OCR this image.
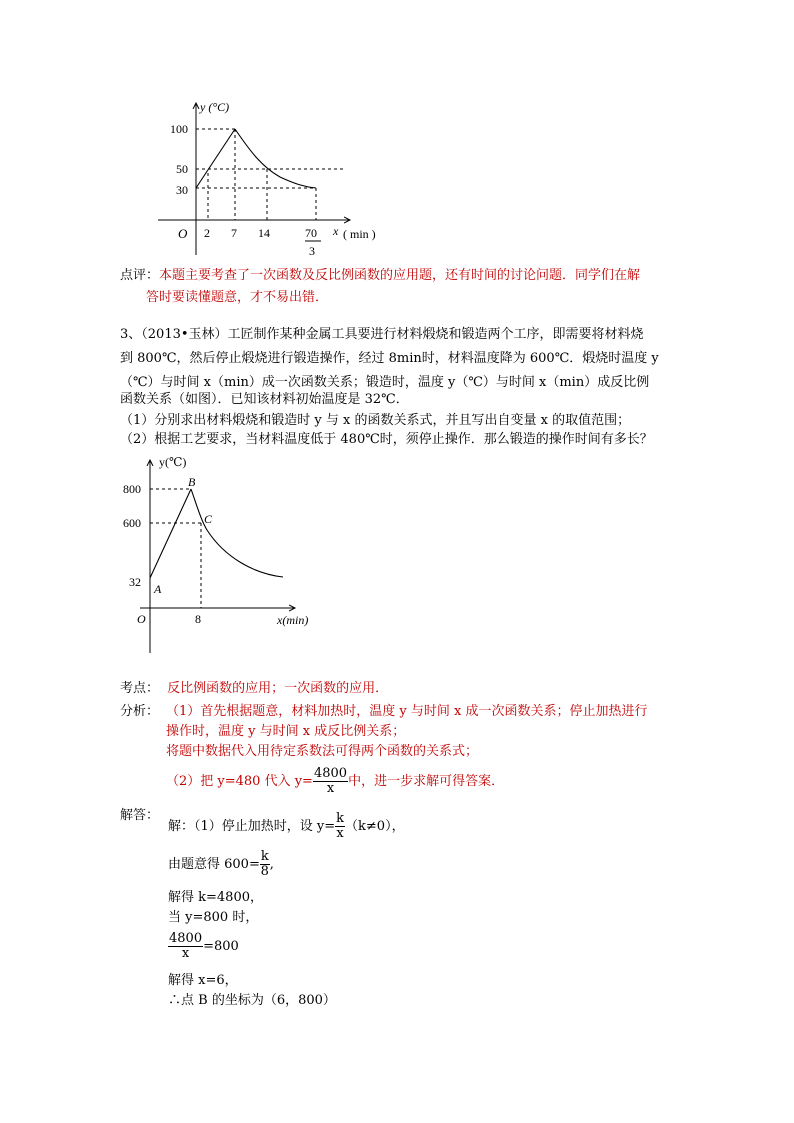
y (°C)
100
50
30
O 2 7 14	70
3
x ( min )
点评：本题主要考查了一次函数及反比例函数的应用题，还有时间的讨论问题．同学们在解
答时要读懂题意，才不易出错．
3、（2013•玉林）工匠制作某种金属工具要进行材料煅烧和锻造两个工序，即需要将材料烧
到 800℃，然后停止煅烧进行锻造操作，经过 8min时，材料温度降为 600℃．煅烧时温度 y
（℃）与时间 x（min）成一次函数关系；锻造时，温度 y（℃）与时间 x（min）成反比例
函数关系（如图）．已知该材料初始温度是 32℃．
（1）分别求出材料煅烧和锻造时 y 与 x 的函数关系式，并且写出自变量 x 的取值范围；
（2）根据工艺要求，当材料温度低于 480℃时，须停止操作．那么锻造的操作时间有多长？
y(℃)
800
600
32 A
B
C
O	8	x(min)
考点： 反比例函数的应用；一次函数的应用．
分析： （1）首先根据题意，材料加热时，温度 y 与时间 x 成一次函数关系；停止加热进行
操作时，温度 y 与时间 x 成反比例关系；
将题中数据代入用待定系数法可得两个函数的关系式；
（2）把 y=480 代入 $y= \frac{4800}{x}$ 中，进一步求解可得答案．
解答：
解：（1）停止加热时，设 $y= \frac{k}{x} (k\ne 0)$，
由题意得 $600= \frac{k}{8}$ ,
解得 k=4800，
当 y=800 时，
$\frac{4800}{x} =800$
解得 x=6，
∴点 B 的坐标为（6，800）
